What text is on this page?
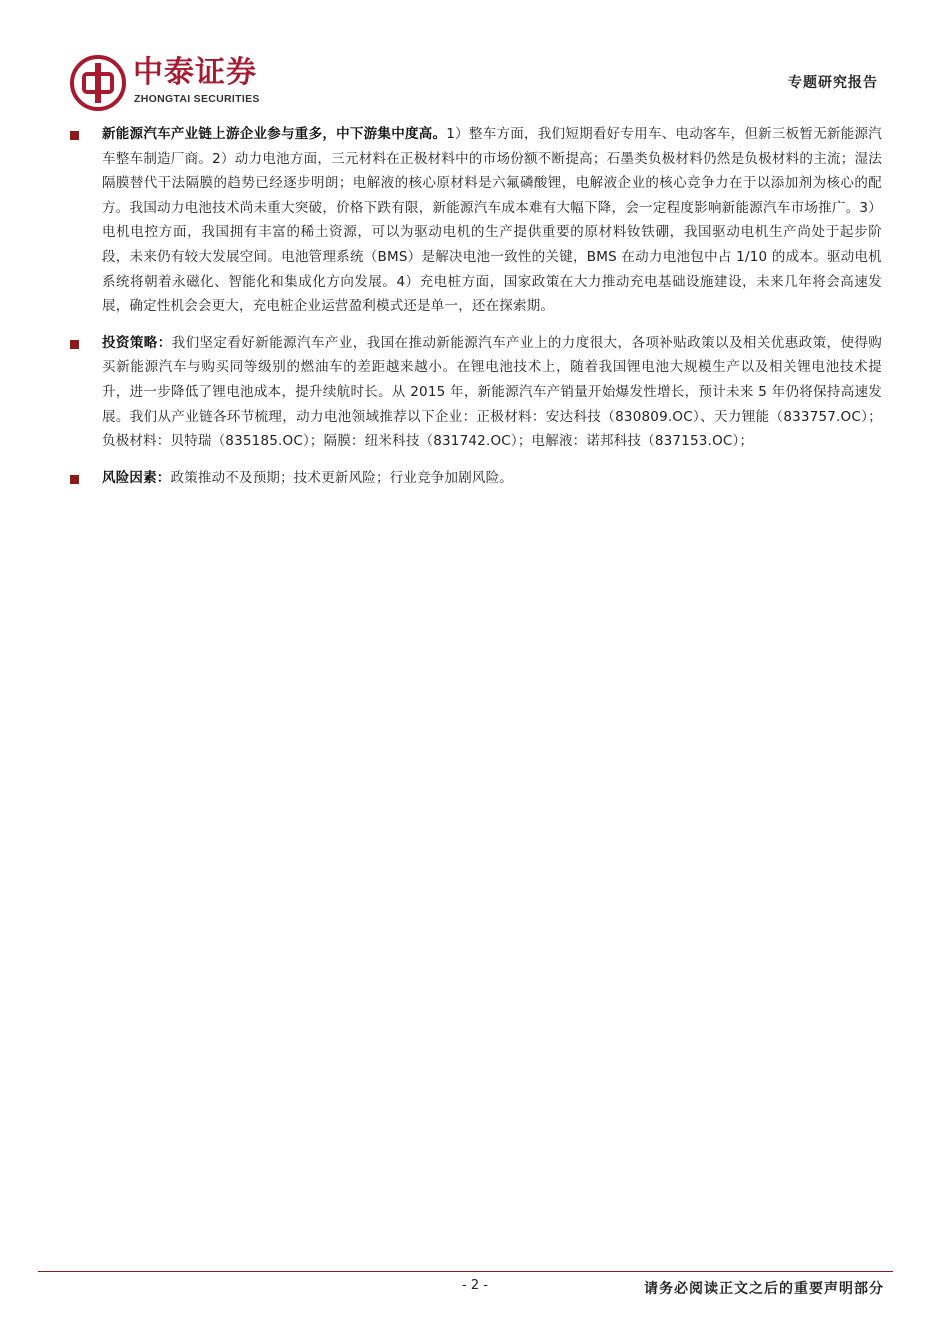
中泰证券
ZHONGTAI SECURITIES
专题研究报告
新能源汽车产业链上游企业参与重多，中下游集中度高。1）整车方面，我们短期看好专用车、电动客车，但新三板暂无新能源汽车整车制造厂商。2）动力电池方面，三元材料在正极材料中的市场份额不断提高；石墨类负极材料仍然是负极材料的主流；湿法隔膜替代干法隔膜的趋势已经逐步明朗；电解液的核心原材料是六氟磷酸锂，电解液企业的核心竞争力在于以添加剂为核心的配方。我国动力电池技术尚未重大突破，价格下跌有限，新能源汽车成本难有大幅下降，会一定程度影响新能源汽车市场推广。3）电机电控方面，我国拥有丰富的稀土资源，可以为驱动电机的生产提供重要的原材料钕铁硼，我国驱动电机生产尚处于起步阶段，未来仍有较大发展空间。电池管理系统（BMS）是解决电池一致性的关键，BMS 在动力电池包中占 1/10 的成本。驱动电机系统将朝着永磁化、智能化和集成化方向发展。4）充电桩方面，国家政策在大力推动充电基础设施建设，未来几年将会高速发展，确定性机会会更大，充电桩企业运营盈利模式还是单一，还在探索期。
投资策略：我们坚定看好新能源汽车产业，我国在推动新能源汽车产业上的力度很大，各项补贴政策以及相关优惠政策，使得购买新能源汽车与购买同等级别的燃油车的差距越来越小。在锂电池技术上，随着我国锂电池大规模生产以及相关锂电池技术提升，进一步降低了锂电池成本，提升续航时长。从 2015 年，新能源汽车产销量开始爆发性增长，预计未来 5 年仍将保持高速发展。我们从产业链各环节梳理，动力电池领域推荐以下企业：正极材料：安达科技（830809.OC）、天力锂能（833757.OC）；负极材料：贝特瑞（835185.OC）；隔膜：纽米科技（831742.OC）；电解液：诺邦科技（837153.OC）；
风险因素：政策推动不及预期；技术更新风险；行业竞争加剧风险。
- 2 -	请务必阅读正文之后的重要声明部分
